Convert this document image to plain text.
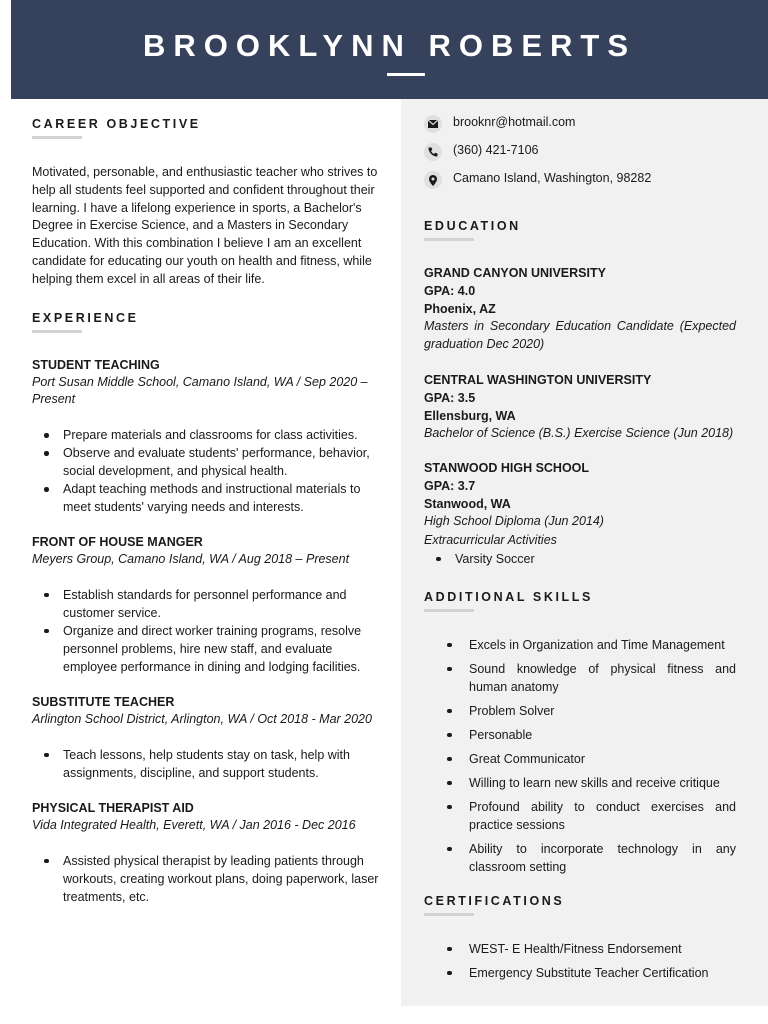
BROOKLYNN ROBERTS
CAREER OBJECTIVE

Motivated, personable, and enthusiastic teacher who strives to help all students feel supported and confident throughout their learning. I have a lifelong experience in sports, a Bachelor's Degree in Exercise Science, and a Masters in Secondary Education. With this combination I believe I am an excellent candidate for educating our youth on health and fitness, while helping them excel in all areas of their life.

EXPERIENCE

STUDENT TEACHING

Port Susan Middle School, Camano Island, WA / Sep 2020 – Present

Prepare materials and classrooms for class activities.
Observe and evaluate students' performance, behavior, social development, and physical health.
Adapt teaching methods and instructional materials to meet students' varying needs and interests.

FRONT OF HOUSE MANGER

Meyers Group, Camano Island, WA / Aug 2018 – Present

Establish standards for personnel performance and customer service.
Organize and direct worker training programs, resolve personnel problems, hire new staff, and evaluate employee performance in dining and lodging facilities.

SUBSTITUTE TEACHER

Arlington School District, Arlington, WA / Oct 2018 - Mar 2020

Teach lessons, help students stay on task, help with assignments, discipline, and support students.

PHYSICAL THERAPIST AID

Vida Integrated Health, Everett, WA / Jan 2016 - Dec 2016

Assisted physical therapist by leading patients through workouts, creating workout plans, doing paperwork, laser treatments, etc.
brooknr@hotmail.com
(360) 421-7106
Camano Island, Washington, 98282
EDUCATION

GRAND CANYON UNIVERSITY

GPA: 4.0

Phoenix, AZ

Masters in Secondary Education Candidate (Expected graduation Dec 2020)

CENTRAL WASHINGTON UNIVERSITY

GPA: 3.5

Ellensburg, WA

Bachelor of Science (B.S.) Exercise Science (Jun 2018)

STANWOOD HIGH SCHOOL

GPA: 3.7

Stanwood, WA

High School Diploma (Jun 2014)

Extracurricular Activities

Varsity Soccer
ADDITIONAL SKILLS
Excels in Organization and Time Management
Sound knowledge of physical fitness and human anatomy
Problem Solver
Personable
Great Communicator
Willing to learn new skills and receive critique
Profound ability to conduct exercises and practice sessions
Ability to incorporate technology in any classroom setting
CERTIFICATIONS
WEST- E Health/Fitness Endorsement
Emergency Substitute Teacher Certification
